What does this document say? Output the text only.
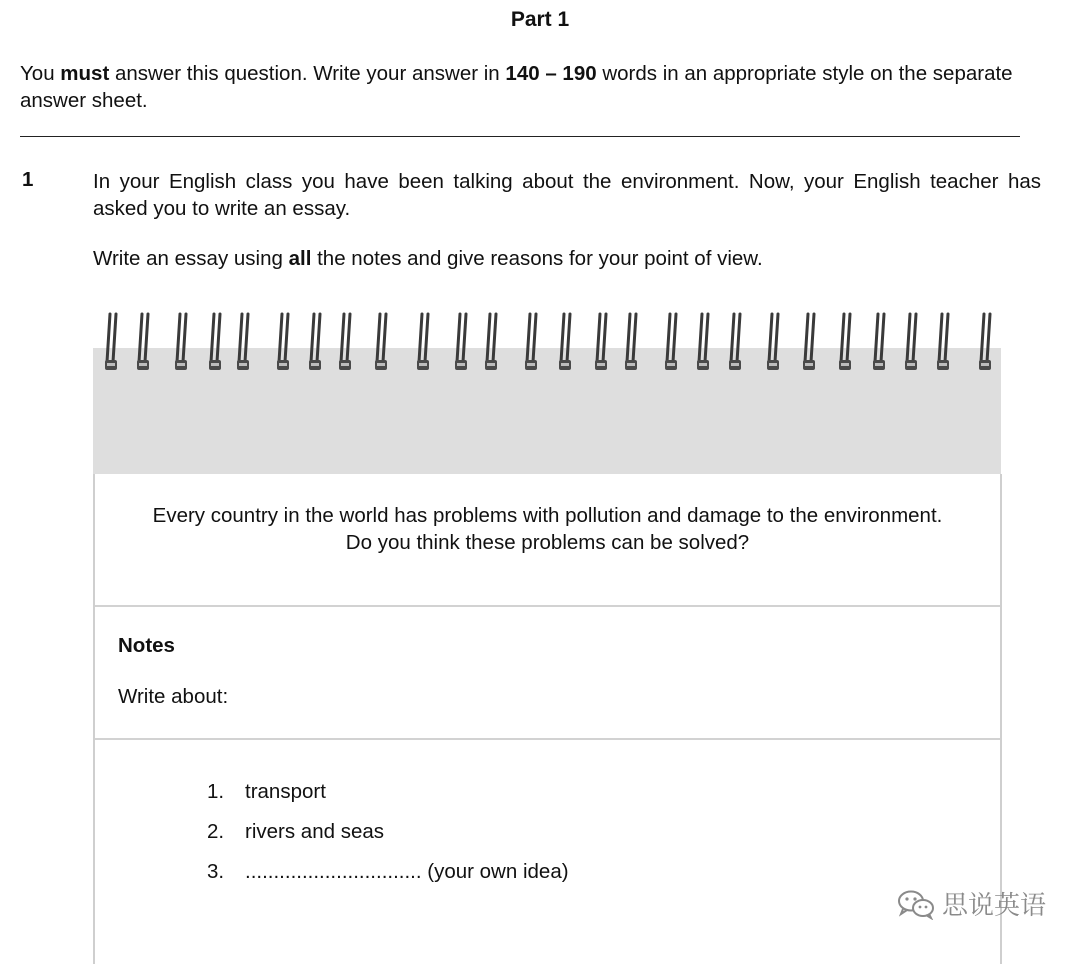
Part 1
You must answer this question. Write your answer in 140 – 190 words in an appropriate style on the separate answer sheet.
1	In your English class you have been talking about the environment. Now, your English teacher has asked you to write an essay.
Write an essay using all the notes and give reasons for your point of view.
Every country in the world has problems with pollution and damage to the environment.
Do you think these problems can be solved?
Notes
Write about:
1.	transport
2.	rivers and seas
3.	............................... (your own idea)
思说英语
